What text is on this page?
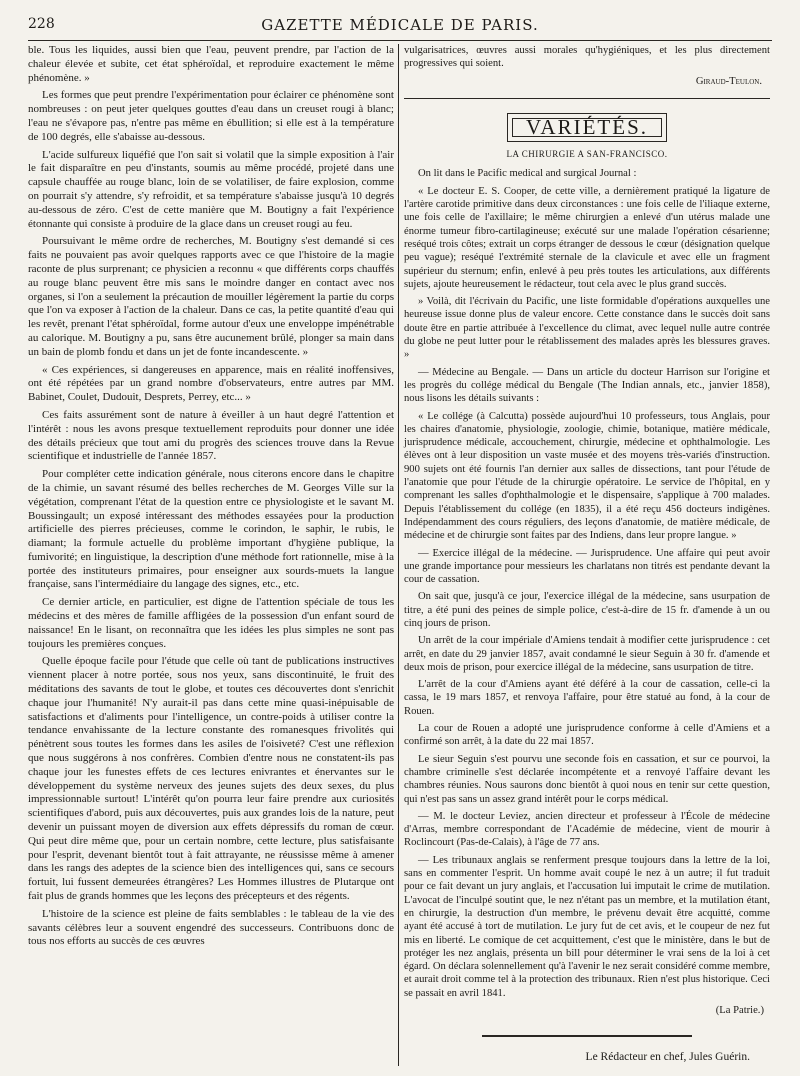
228	GAZETTE MÉDICALE DE PARIS.

ble. Tous les liquides, aussi bien que l'eau, peuvent prendre, par l'action de la chaleur élevée et subite, cet état sphéroïdal, et reproduire exactement le même phénomène. »

Les formes que peut prendre l'expérimentation pour éclairer ce phénomène sont nombreuses : on peut jeter quelques gouttes d'eau dans un creuset rougi à blanc; l'eau ne s'évapore pas, n'entre pas même en ébullition; si elle est à la température de 100 degrés, elle s'abaisse au-dessous.

L'acide sulfureux liquéfié que l'on sait si volatil que la simple exposition à l'air le fait disparaître en peu d'instants, soumis au même procédé, projeté dans une capsule chauffée au rouge blanc, loin de se volatiliser, de faire explosion, comme on pourrait s'y attendre, s'y refroidit, et sa température s'abaisse jusqu'à 10 degrés au-dessous de zéro. C'est de cette manière que M. Boutigny a fait l'expérience étonnante qui consiste à produire de la glace dans un creuset rougi au feu.

Poursuivant le même ordre de recherches, M. Boutigny s'est demandé si ces faits ne pouvaient pas avoir quelques rapports avec ce que l'histoire de la magie raconte de plus surprenant; ce physicien a reconnu « que différents corps chauffés au rouge blanc peuvent être mis sans le moindre danger en contact avec nos organes, si l'on a seulement la précaution de mouiller légèrement la partie du corps que l'on va exposer à l'action de la chaleur. Dans ce cas, la petite quantité d'eau qui les revêt, prenant l'état sphéroïdal, forme autour d'eux une enveloppe impénétrable au calorique. M. Boutigny a pu, sans être aucunement brûlé, plonger sa main dans un bain de plomb fondu et dans un jet de fonte incandescente. »

« Ces expériences, si dangereuses en apparence, mais en réalité inoffensives, ont été répétées par un grand nombre d'observateurs, entre autres par MM. Babinet, Coulet, Dudouit, Desprets, Perrey, etc... »

Ces faits assurément sont de nature à éveiller à un haut degré l'attention et l'intérêt : nous les avons presque textuellement reproduits pour donner une idée des détails précieux que tout ami du progrès des sciences trouve dans la Revue scientifique et industrielle de l'année 1857.

Pour compléter cette indication générale, nous citerons encore dans le chapitre de la chimie, un savant résumé des belles recherches de M. Georges Ville sur la végétation, comprenant l'état de la question entre ce physiologiste et le savant M. Boussingault; un exposé intéressant des méthodes essayées pour la production artificielle des pierres précieuses, comme le corindon, le saphir, le rubis, le diamant; la formule actuelle du problème important d'hygiène publique, la fumivorité; en linguistique, la description d'une méthode fort rationnelle, mise à la portée des instituteurs primaires, pour enseigner aux sourds-muets la langue française, sans l'intermédiaire du langage des signes, etc., etc.

Ce dernier article, en particulier, est digne de l'attention spéciale de tous les médecins et des mères de famille affligées de la possession d'un enfant sourd de naissance! En le lisant, on reconnaîtra que les idées les plus simples ne sont pas toujours les premières conçues.

Quelle époque facile pour l'étude que celle où tant de publications instructives viennent placer à notre portée, sous nos yeux, sans discontinuité, le fruit des méditations des savants de tout le globe, et toutes ces découvertes dont s'enrichit chaque jour l'humanité! N'y aurait-il pas dans cette mine quasi-inépuisable de satisfactions et d'aliments pour l'intelligence, un contre-poids à utiliser contre la tendance envahissante de la lecture constante des romanesques frivolités qui pénètrent sous toutes les formes dans les asiles de l'oisiveté? C'est une réflexion que nous suggérons à nos confrères. Combien d'entre nous ne constatent-ils pas chaque jour les funestes effets de ces lectures enivrantes et énervantes sur le développement du système nerveux des jeunes sujets des deux sexes, du plus impressionnable surtout! L'intérêt qu'on pourra leur faire prendre aux curiosités scientifiques d'abord, puis aux découvertes, puis aux grandes lois de la nature, peut devenir un puissant moyen de diversion aux effets dépressifs du roman de cœur. Qui peut dire même que, pour un certain nombre, cette lecture, plus satisfaisante pour l'esprit, devenant bientôt tout à fait attrayante, ne réussisse même à amener dans les rangs des adeptes de la science bien des intelligences qui, sans ce secours fortuit, lui fussent demeurées étrangères? Les Hommes illustres de Plutarque ont fait plus de grands hommes que les leçons des précepteurs et des régents.

L'histoire de la science est pleine de faits semblables : le tableau de la vie des savants célèbres leur a souvent engendré des successeurs. Contribuons donc de tous nos efforts au succès de ces œuvres

vulgarisatrices, œuvres aussi morales qu'hygiéniques, et les plus directement progressives qui soient.

Giraud-Teulon.

VARIÉTÉS.

LA CHIRURGIE A SAN-FRANCISCO.

On lit dans le Pacific medical and surgical Journal :

« Le docteur E. S. Cooper, de cette ville, a dernièrement pratiqué la ligature de l'artère carotide primitive dans deux circonstances : une fois celle de l'iliaque externe, une fois celle de l'axillaire; le même chirurgien a enlevé d'un utérus malade une énorme tumeur fibro-cartilagineuse; exécuté sur une malade l'opération césarienne; reséqué trois côtes; extrait un corps étranger de dessous le cœur (désignation quelque peu vague); reséqué l'extrémité sternale de la clavicule et avec elle un fragment supérieur du sternum; enfin, enlevé à peu près toutes les articulations, aux différents sujets, ajoute heureusement le rédacteur, tout cela avec le plus grand succès.

» Voilà, dit l'écrivain du Pacific, une liste formidable d'opérations auxquelles une heureuse issue donne plus de valeur encore. Cette constance dans le succès doit sans doute être en partie attribuée à l'excellence du climat, avec lequel nulle autre contrée du globe ne peut lutter pour le rétablissement des malades après les blessures graves. »

— Médecine au Bengale. — Dans un article du docteur Harrison sur l'origine et les progrès du collége médical du Bengale (The Indian annals, etc., janvier 1858), nous lisons les détails suivants :

« Le collége (à Calcutta) possède aujourd'hui 10 professeurs, tous Anglais, pour les chaires d'anatomie, physiologie, zoologie, chimie, botanique, matière médicale, jurisprudence médicale, accouchement, chirurgie, médecine et ophthalmologie. Les élèves ont à leur disposition un vaste musée et des moyens très-variés d'instruction. 900 sujets ont été fournis l'an dernier aux salles de dissections, tant pour l'étude de l'anatomie que pour l'étude de la chirurgie opératoire. Le service de l'hôpital, en y comprenant les salles d'ophthalmologie et le dispensaire, s'applique à 700 malades. Depuis l'établissement du collége (en 1835), il a été reçu 456 docteurs indigènes. Indépendamment des cours réguliers, des leçons d'anatomie, de matière médicale, de médecine et de chirurgie sont faites par des Indiens, dans leur propre langue. »

— Exercice illégal de la médecine. — Jurisprudence. Une affaire qui peut avoir une grande importance pour messieurs les charlatans non titrés est pendante devant la cour de cassation.

On sait que, jusqu'à ce jour, l'exercice illégal de la médecine, sans usurpation de titre, a été puni des peines de simple police, c'est-à-dire de 15 fr. d'amende à un ou cinq jours de prison.

Un arrêt de la cour impériale d'Amiens tendait à modifier cette jurisprudence : cet arrêt, en date du 29 janvier 1857, avait condamné le sieur Seguin à 30 fr. d'amende et deux mois de prison, pour exercice illégal de la médecine, sans usurpation de titre.

L'arrêt de la cour d'Amiens ayant été déféré à la cour de cassation, celle-ci la cassa, le 19 mars 1857, et renvoya l'affaire, pour être statué au fond, à la cour de Rouen.

La cour de Rouen a adopté une jurisprudence conforme à celle d'Amiens et a confirmé son arrêt, à la date du 22 mai 1857.

Le sieur Seguin s'est pourvu une seconde fois en cassation, et sur ce pourvoi, la chambre criminelle s'est déclarée incompétente et a renvoyé l'affaire devant les chambres réunies. Nous saurons donc bientôt à quoi nous en tenir sur cette question, qui n'est pas sans un assez grand intérêt pour le corps médical.

— M. le docteur Leviez, ancien directeur et professeur à l'École de médecine d'Arras, membre correspondant de l'Académie de médecine, vient de mourir à Roclincourt (Pas-de-Calais), à l'âge de 77 ans.

— Les tribunaux anglais se renferment presque toujours dans la lettre de la loi, sans en commenter l'esprit. Un homme avait coupé le nez à un autre; il fut traduit pour ce fait devant un jury anglais, et l'accusation lui imputait le crime de mutilation. L'avocat de l'inculpé soutint que, le nez n'étant pas un membre, et la mutilation étant, en chirurgie, la destruction d'un membre, le prévenu devait être acquitté, comme ayant été accusé à tort de mutilation. Le jury fut de cet avis, et le coupeur de nez fut mis en liberté. Le comique de cet acquittement, c'est que le ministère, dans le but de protéger les nez anglais, présenta un bill pour déterminer le vrai sens de la loi à cet égard. On déclara solennellement qu'à l'avenir le nez serait considéré comme membre, et aurait droit comme tel à la protection des tribunaux. Rien n'est plus historique. Ceci se passait en avril 1841.

(La Patrie.)

Le Rédacteur en chef, Jules Guérin.
